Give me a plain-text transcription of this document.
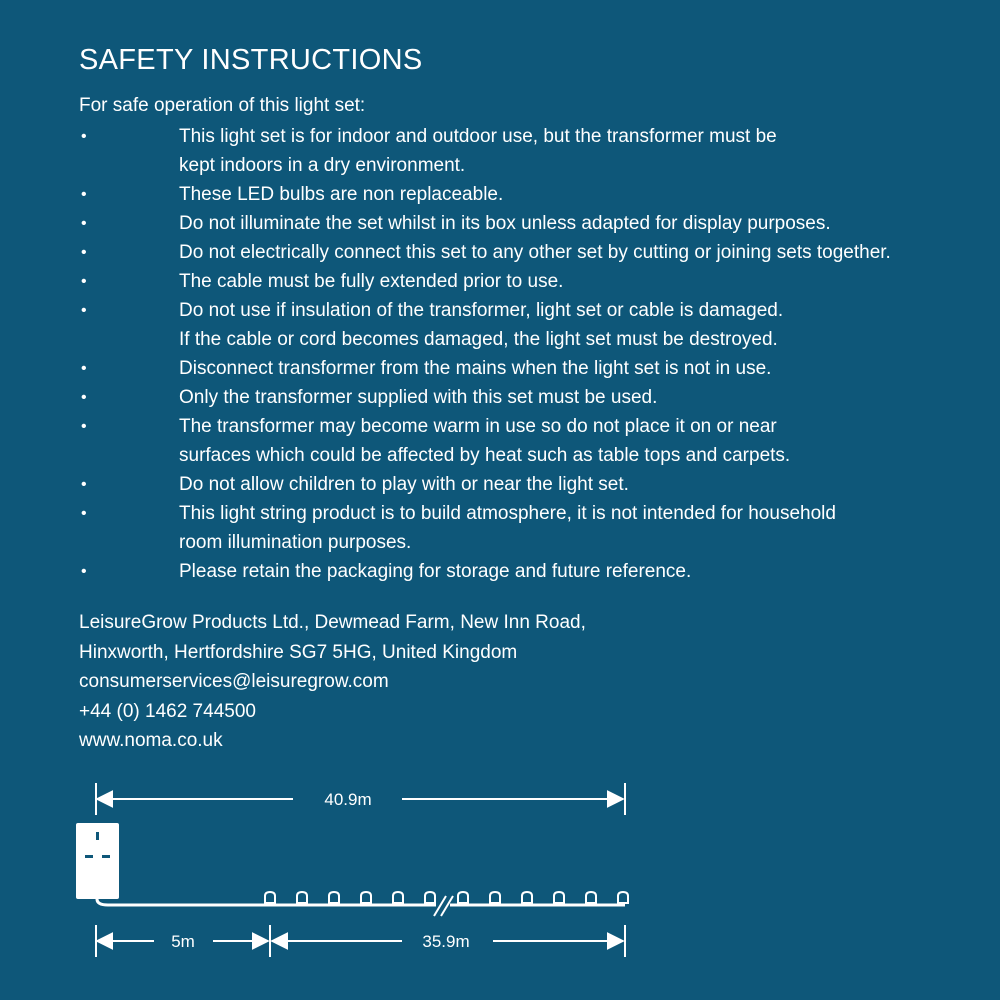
SAFETY INSTRUCTIONS
For safe operation of this light set:
•	This light set is for indoor and outdoor use, but the transformer must be
kept indoors in a dry environment.
•	These LED bulbs are non replaceable.
•	Do not illuminate the set whilst in its box unless adapted for display purposes.
•	Do not electrically connect this set to any other set by cutting or joining sets together.
•	The cable must be fully extended prior to use.
•	Do not use if insulation of the transformer, light set or cable is damaged.
If the cable or cord becomes damaged, the light set must be destroyed.
•	Disconnect transformer from the mains when the light set is not in use.
•	Only the transformer supplied with this set must be used.
•	The transformer may become warm in use so do not place it on or near
surfaces which could be affected by heat such as table tops and carpets.
•	Do not allow children to play with or near the light set.
•	This light string product is to build atmosphere, it is not intended for household
room illumination purposes.
•	Please retain the packaging for storage and future reference.
LeisureGrow Products Ltd., Dewmead Farm, New Inn Road,
Hinxworth, Hertfordshire SG7 5HG, United Kingdom
consumerservices@leisuregrow.com
+44 (0) 1462 744500
www.noma.co.uk
40.9m
5m	35.9m
